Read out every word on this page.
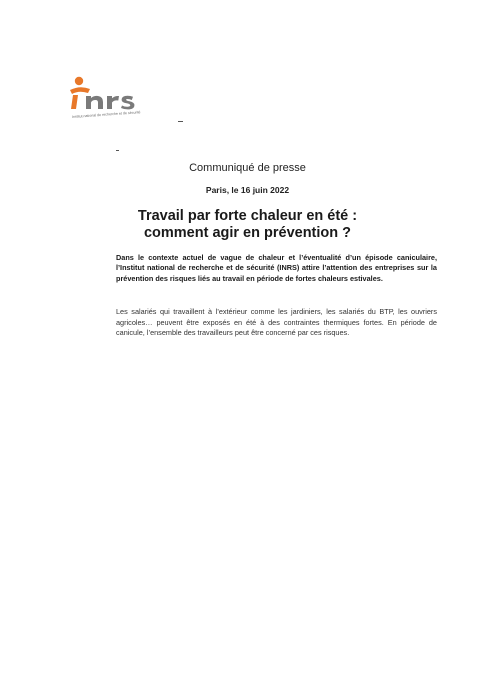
Institut national de recherche et de sécurité
Communiqué de presse
Paris, le 16 juin 2022
Travail par forte chaleur en été :
comment agir en prévention ?
Dans le contexte actuel de vague de chaleur et l’éventualité d’un épisode caniculaire, l’Institut national de recherche et de sécurité (INRS) attire l’attention des entreprises sur la prévention des risques liés au travail en période de fortes chaleurs estivales.
Les salariés qui travaillent à l’extérieur comme les jardiniers, les salariés du BTP, les ouvriers agricoles… peuvent être exposés en été à des contraintes thermiques fortes. En période de canicule, l’ensemble des travailleurs peut être concerné par ces risques.
